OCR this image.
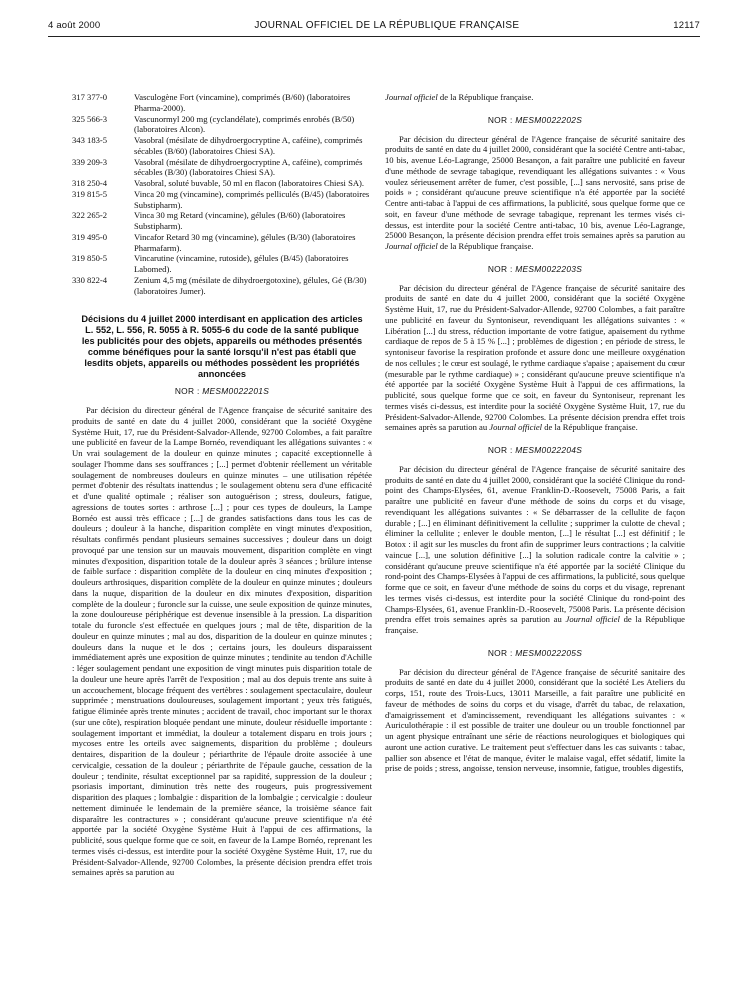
4 août 2000	JOURNAL OFFICIEL DE LA RÉPUBLIQUE FRANÇAISE	12117
317 377-0	Vasculogène Fort (vincamine), comprimés (B/60) (laboratoires Pharma-2000).
325 566-3	Vascunormyl 200 mg (cyclandélate), comprimés enrobés (B/50) (laboratoires Alcon).
343 183-5	Vasobral (mésilate de dihydroergocryptine A, caféine), comprimés sécables (B/60) (laboratoires Chiesi SA).
339 209-3	Vasobral (mésilate de dihydroergocryptine A, caféine), comprimés sécables (B/30) (laboratoires Chiesi SA).
318 250-4	Vasobral, soluté buvable, 50 ml en flacon (laboratoires Chiesi SA).
319 815-5	Vinca 20 mg (vincamine), comprimés pelliculés (B/45) (laboratoires Substipharm).
322 265-2	Vinca 30 mg Retard (vincamine), gélules (B/60) (laboratoires Substipharm).
319 495-0	Vincafor Retard 30 mg (vincamine), gélules (B/30) (laboratoires Pharmafarm).
319 850-5	Vincarutine (vincamine, rutoside), gélules (B/45) (laboratoires Labomed).
330 822-4	Zenium 4,5 mg (mésilate de dihydroergotoxine), gélules, Gé (B/30) (laboratoires Jumer).
Décisions du 4 juillet 2000 interdisant en application des articles L. 552, L. 556, R. 5055 à R. 5055-6 du code de la santé publique les publicités pour des objets, appareils ou méthodes présentés comme bénéfiques pour la santé lorsqu'il n'est pas établi que lesdits objets, appareils ou méthodes possèdent les propriétés annoncées
NOR : MESM0022201S

Par décision du directeur général de l'Agence française de sécurité sanitaire des produits de santé en date du 4 juillet 2000, considérant que la société Oxygène Système Huit, 17, rue du Président-Salvador-Allende, 92700 Colombes, a fait paraître une publicité en faveur de la Lampe Bornéo, revendiquant les allégations suivantes : « Un vrai soulagement de la douleur en quinze minutes ; capacité exceptionnelle à soulager l'homme dans ses souffrances ; [...] permet d'obtenir réellement un véritable soulagement de nombreuses douleurs en quinze minutes – une utilisation répétée permet d'obtenir des résultats inattendus ; le soulagement obtenu sera d'une efficacité et d'une qualité optimale ; réaliser son autoguérison ; stress, douleurs, fatigue, agressions de toutes sortes : arthrose [...] ; pour ces types de douleurs, la Lampe Bornéo est aussi très efficace ; [...] de grandes satisfactions dans tous les cas de douleurs ; douleur à la hanche, disparition complète en vingt minutes d'exposition, résultats confirmés pendant plusieurs semaines successives ; douleur dans un doigt provoqué par une tension sur un mauvais mouvement, disparition complète en vingt minutes d'exposition, disparition totale de la douleur après 3 séances ; brûlure intense de faible surface : disparition complète de la douleur en cinq minutes d'exposition ; douleurs arthrosiques, disparition complète de la douleur en quinze minutes ; douleurs dans la nuque, disparition de la douleur en dix minutes d'exposition, disparition complète de la douleur ; furoncle sur la cuisse, une seule exposition de quinze minutes, la zone douloureuse périphérique est devenue insensible à la pression. La disparition totale du furoncle s'est effectuée en quelques jours ; mal de tête, disparition de la douleur en quinze minutes ; mal au dos, disparition de la douleur en quinze minutes ; douleurs dans la nuque et le dos ; certains jours, les douleurs disparaissent immédiatement après une exposition de quinze minutes ; tendinite au tendon d'Achille : léger soulagement pendant une exposition de vingt minutes puis disparition totale de la douleur une heure après l'arrêt de l'exposition ; mal au dos depuis trente ans suite à un accouchement, blocage fréquent des vertèbres : soulagement spectaculaire, douleur supprimée ; menstruations douloureuses, soulagement important ; yeux très fatigués, fatigue éliminée après trente minutes ; accident de travail, choc important sur le thorax (sur une côte), respiration bloquée pendant une minute, douleur résiduelle importante : soulagement important et immédiat, la douleur a totalement disparu en trois jours ; mycoses entre les orteils avec saignements, disparition du problème ; douleurs dentaires, disparition de la douleur ; périarthrite de l'épaule droite associée à une cervicalgie, cessation de la douleur ; périarthrite de l'épaule gauche, cessation de la douleur ; tendinite, résultat exceptionnel par sa rapidité, suppression de la douleur ; psoriasis important, diminution très nette des rougeurs, puis progressivement disparition des plaques ; lombalgie : disparition de la lombalgie ; cervicalgie : douleur nettement diminuée le lendemain de la première séance, la troisième séance fait disparaître les contractures » ; considérant qu'aucune preuve scientifique n'a été apportée par la société Oxygène Système Huit à l'appui de ces affirmations, la publicité, sous quelque forme que ce soit, en faveur de la Lampe Bornéo, reprenant les termes visés ci-dessus, est interdite pour la société Oxygène Système Huit, 17, rue du Président-Salvador-Allende, 92700 Colombes, la présente décision prendra effet trois semaines après sa parution au

Journal officiel de la République française.

NOR : MESM0022202S

Par décision du directeur général de l'Agence française de sécurité sanitaire des produits de santé en date du 4 juillet 2000, considérant que la société Centre anti-tabac, 10 bis, avenue Léo-Lagrange, 25000 Besançon, a fait paraître une publicité en faveur d'une méthode de sevrage tabagique, revendiquant les allégations suivantes : « Vous voulez sérieusement arrêter de fumer, c'est possible, [...] sans nervosité, sans prise de poids » ; considérant qu'aucune preuve scientifique n'a été apportée par la société Centre anti-tabac à l'appui de ces affirmations, la publicité, sous quelque forme que ce soit, en faveur d'une méthode de sevrage tabagique, reprenant les termes visés ci-dessus, est interdite pour la société Centre anti-tabac, 10 bis, avenue Léo-Lagrange, 25000 Besançon, la présente décision prendra effet trois semaines après sa parution au Journal officiel de la République française.

NOR : MESM0022203S

Par décision du directeur général de l'Agence française de sécurité sanitaire des produits de santé en date du 4 juillet 2000, considérant que la société Oxygène Système Huit, 17, rue du Président-Salvador-Allende, 92700 Colombes, a fait paraître une publicité en faveur du Syntoniseur, revendiquant les allégations suivantes : « Libération [...] du stress, réduction importante de votre fatigue, apaisement du rythme cardiaque de repos de 5 à 15 % [...] ; problèmes de digestion ; en période de stress, le syntoniseur favorise la respiration profonde et assure donc une meilleure oxygénation de nos cellules ; le cœur est soulagé, le rythme cardiaque s'apaise ; apaisement du cœur (mesurable par le rythme cardiaque) » ; considérant qu'aucune preuve scientifique n'a été apportée par la société Oxygène Système Huit à l'appui de ces affirmations, la publicité, sous quelque forme que ce soit, en faveur du Syntoniseur, reprenant les termes visés ci-dessus, est interdite pour la société Oxygène Système Huit, 17, rue du Président-Salvador-Allende, 92700 Colombes. La présente décision prendra effet trois semaines après sa parution au Journal officiel de la République française.

NOR : MESM0022204S

Par décision du directeur général de l'Agence française de sécurité sanitaire des produits de santé en date du 4 juillet 2000, considérant que la société Clinique du rond-point des Champs-Elysées, 61, avenue Franklin-D.-Roosevelt, 75008 Paris, a fait paraître une publicité en faveur d'une méthode de soins du corps et du visage, revendiquant les allégations suivantes : « Se débarrasser de la cellulite de façon durable ; [...] en éliminant définitivement la cellulite ; supprimer la culotte de cheval ; éliminer la cellulite ; enlever le double menton, [...] le résultat [...] est définitif ; le Botox : il agit sur les muscles du front afin de supprimer leurs contractions ; la calvitie vaincue [...], une solution définitive [...] la solution radicale contre la calvitie » ; considérant qu'aucune preuve scientifique n'a été apportée par la société Clinique du rond-point des Champs-Elysées à l'appui de ces affirmations, la publicité, sous quelque forme que ce soit, en faveur d'une méthode de soins du corps et du visage, reprenant les termes visés ci-dessus, est interdite pour la société Clinique du rond-point des Champs-Elysées, 61, avenue Franklin-D.-Roosevelt, 75008 Paris. La présente décision prendra effet trois semaines après sa parution au Journal officiel de la République française.

NOR : MESM0022205S

Par décision du directeur général de l'Agence française de sécurité sanitaire des produits de santé en date du 4 juillet 2000, considérant que la société Les Ateliers du corps, 151, route des Trois-Lucs, 13011 Marseille, a fait paraître une publicité en faveur de méthodes de soins du corps et du visage, d'arrêt du tabac, de relaxation, d'amaigrissement et d'amincissement, revendiquant les allégations suivantes : « Auriculothérapie : il est possible de traiter une douleur ou un trouble fonctionnel par un agent physique entraînant une série de réactions neurologiques et biologiques qui auront une action curative. Le traitement peut s'effectuer dans les cas suivants : tabac, pallier son absence et l'état de manque, éviter le malaise vagal, effet sédatif, limite la prise de poids ; stress, angoisse, tension nerveuse, insomnie, fatigue, troubles digestifs,
